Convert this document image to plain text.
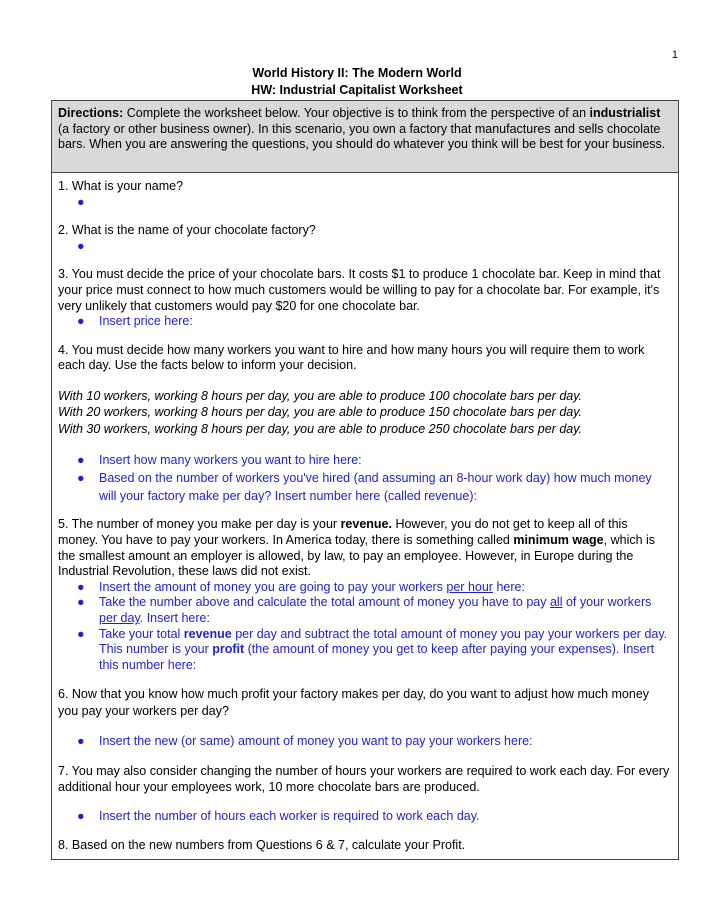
1
World History II: The Modern World
HW: Industrial Capitalist Worksheet
Directions: Complete the worksheet below. Your objective is to think from the perspective of an industrialist (a factory or other business owner). In this scenario, you own a factory that manufactures and sells chocolate bars. When you are answering the questions, you should do whatever you think will be best for your business.

1. What is your name?

●

2. What is the name of your chocolate factory?

●

3. You must decide the price of your chocolate bars. It costs $1 to produce 1 chocolate bar. Keep in mind that your price must connect to how much customers would be willing to pay for a chocolate bar. For example, it's very unlikely that customers would pay $20 for one chocolate bar.

● Insert price here:

4. You must decide how many workers you want to hire and how many hours you will require them to work each day. Use the facts below to inform your decision.

With 10 workers, working 8 hours per day, you are able to produce 100 chocolate bars per day.

With 20 workers, working 8 hours per day, you are able to produce 150 chocolate bars per day.

With 30 workers, working 8 hours per day, you are able to produce 250 chocolate bars per day.

● Insert how many workers you want to hire here:
● Based on the number of workers you've hired (and assuming an 8-hour work day) how much money will your factory make per day? Insert number here (called revenue):

5. The number of money you make per day is your revenue. However, you do not get to keep all of this money. You have to pay your workers. In America today, there is something called minimum wage, which is the smallest amount an employer is allowed, by law, to pay an employee. However, in Europe during the Industrial Revolution, these laws did not exist.

● Insert the amount of money you are going to pay your workers per hour here:
● Take the number above and calculate the total amount of money you have to pay all of your workers per day. Insert here:
● Take your total revenue per day and subtract the total amount of money you pay your workers per day. This number is your profit (the amount of money you get to keep after paying your expenses). Insert this number here:

6. Now that you know how much profit your factory makes per day, do you want to adjust how much money you pay your workers per day?

● Insert the new (or same) amount of money you want to pay your workers here:

7. You may also consider changing the number of hours your workers are required to work each day. For every additional hour your employees work, 10 more chocolate bars are produced.

● Insert the number of hours each worker is required to work each day.

8. Based on the new numbers from Questions 6 & 7, calculate your Profit.
